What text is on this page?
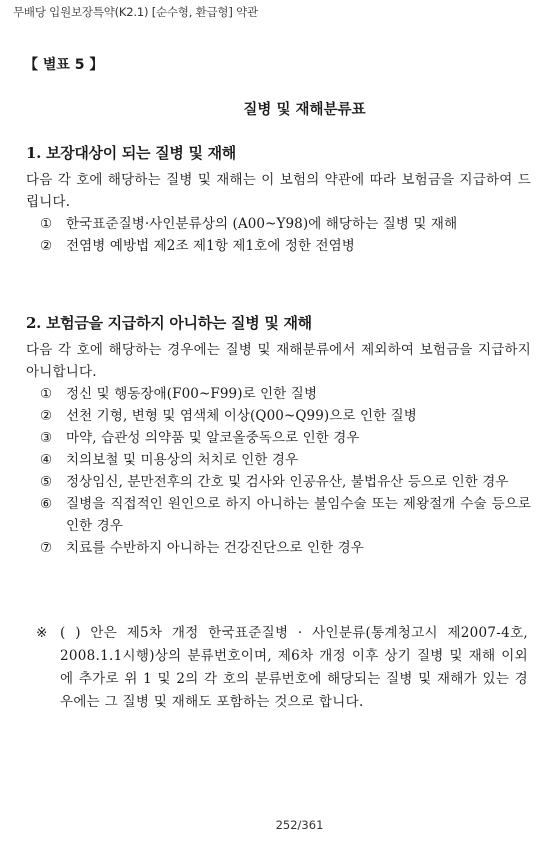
무배당 입원보장특약(K2.1) [순수형, 환급형] 약관
【 별표 5 】
질병 및 재해분류표
1. 보장대상이 되는 질병 및 재해

다음 각 호에 해당하는 질병 및 재해는 이 보험의 약관에 따라 보험금을 지급하여 드립니다.

①	한국표준질병·사인분류상의 (A00~Y98)에 해당하는 질병 및 재해
②	전염병 예방법 제2조 제1항 제1호에 정한 전염병
2. 보험금을 지급하지 아니하는 질병 및 재해

다음 각 호에 해당하는 경우에는 질병 및 재해분류에서 제외하여 보험금을 지급하지 아니합니다.

①	정신 및 행동장애(F00~F99)로 인한 질병
②	선천 기형, 변형 및 염색체 이상(Q00~Q99)으로 인한 질병
③	마약, 습관성 의약품 및 알코올중독으로 인한 경우
④	치의보철 및 미용상의 처치로 인한 경우
⑤	정상임신, 분만전후의 간호 및 검사와 인공유산, 불법유산 등으로 인한 경우
⑥	질병을 직접적인 원인으로 하지 아니하는 불임수술 또는 제왕절개 수술 등으로 인한 경우
⑦	치료를 수반하지 아니하는 건강진단으로 인한 경우
※ ( ) 안은 제5차 개정 한국표준질병 · 사인분류(통계청고시 제2007-4호, 2008.1.1시행)상의 분류번호이며, 제6차 개정 이후 상기 질병 및 재해 이외에 추가로 위 1 및 2의 각 호의 분류번호에 해당되는 질병 및 재해가 있는 경우에는 그 질병 및 재해도 포함하는 것으로 합니다.
252/361
